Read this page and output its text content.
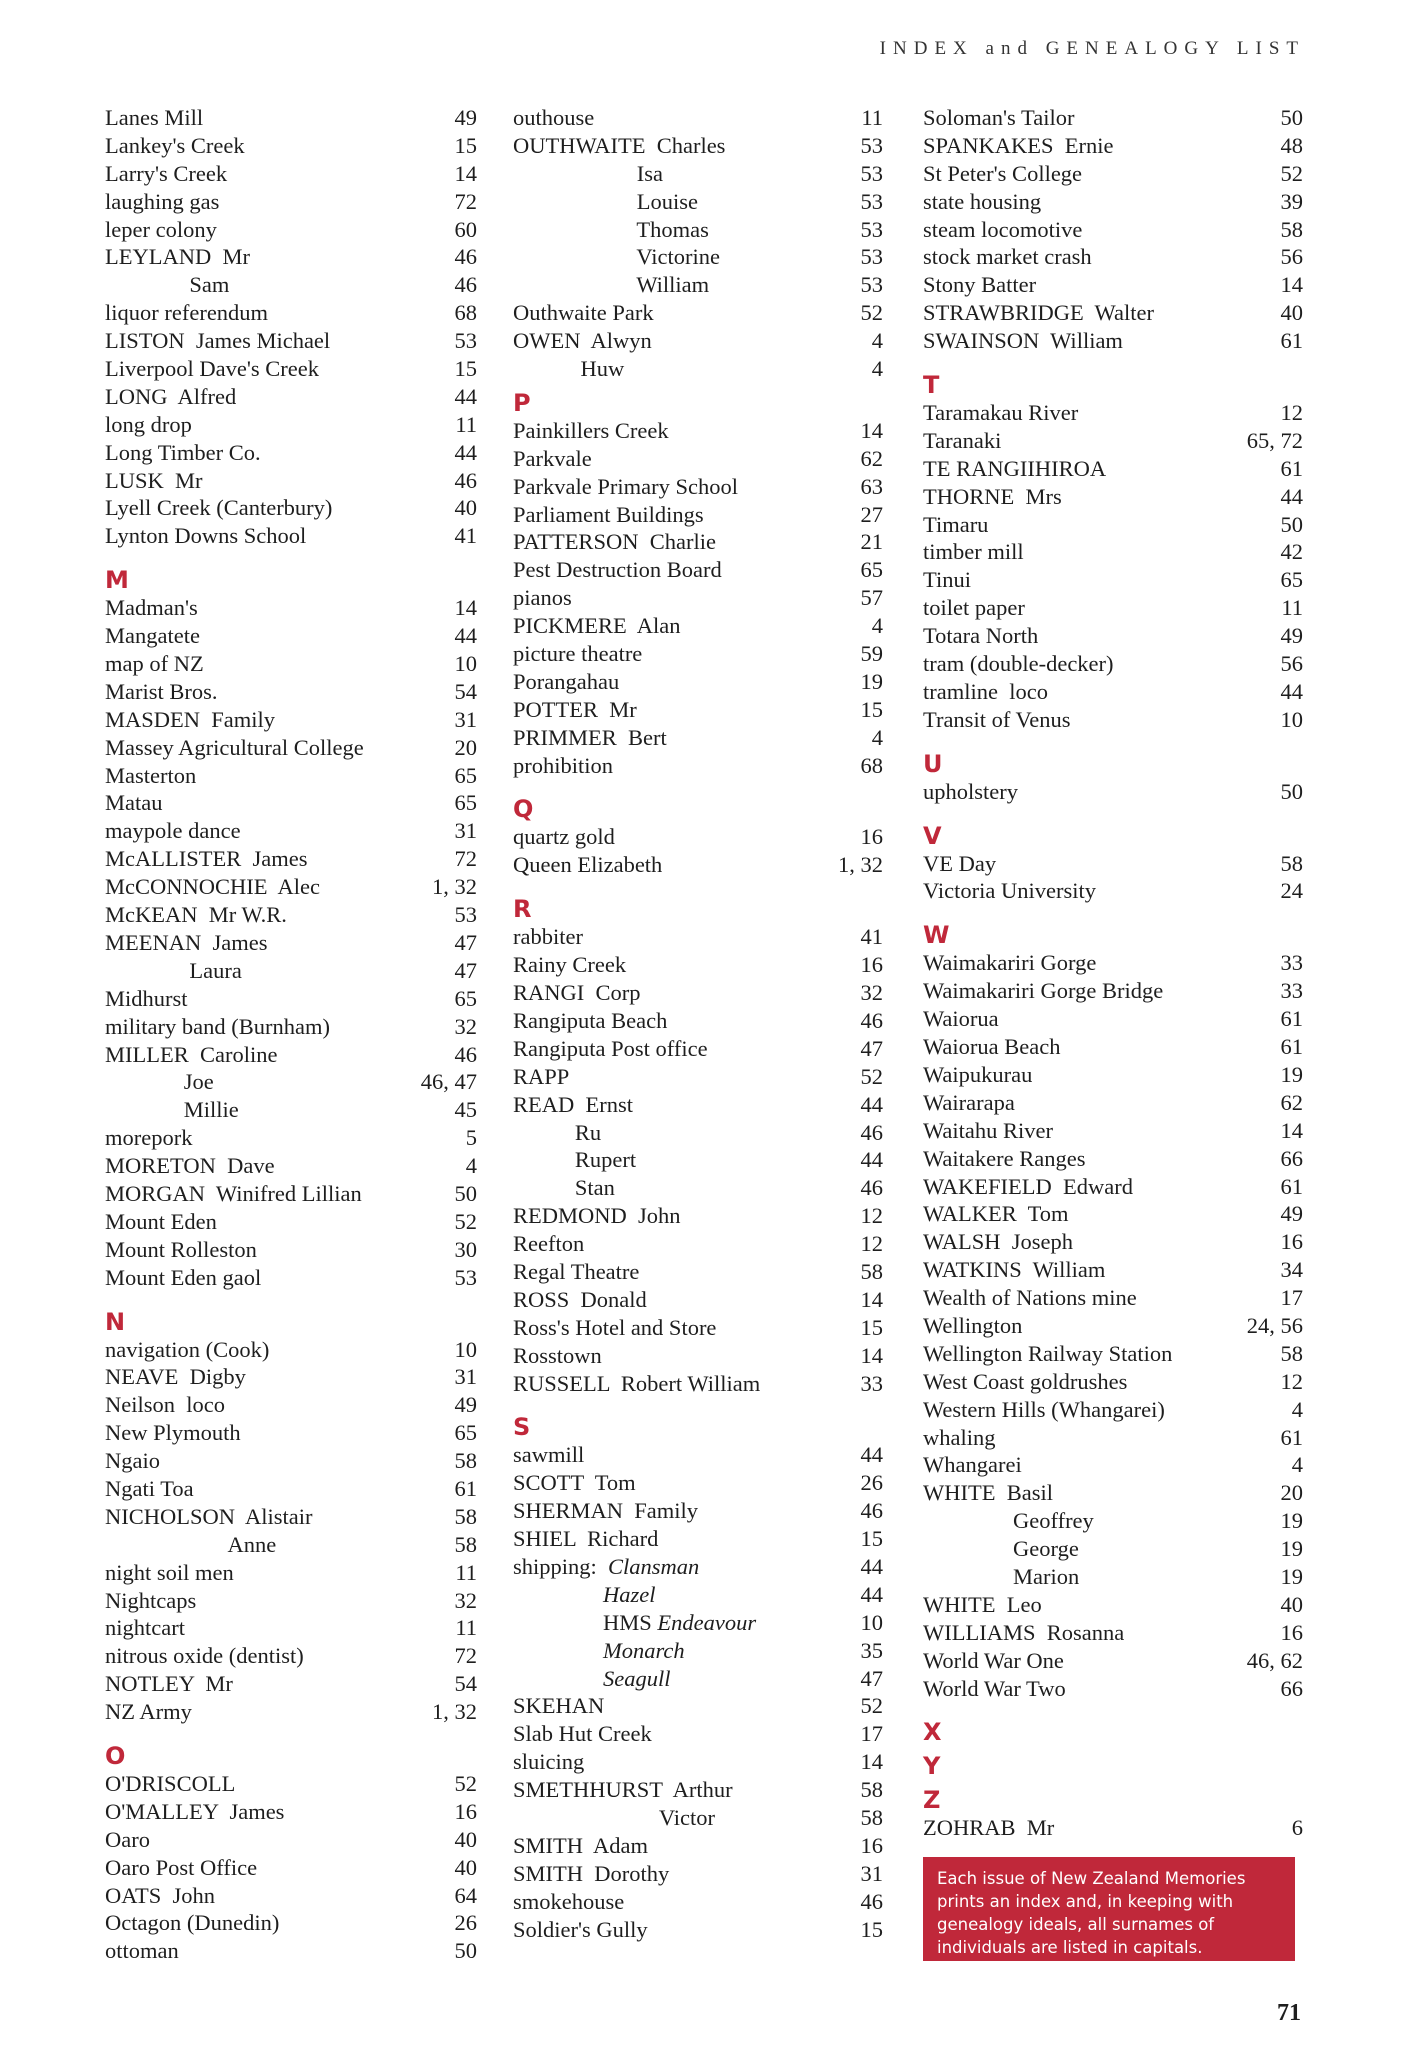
INDEX and GENEALOGY LIST
Lanes Mill	49
Lankey's Creek	15
Larry's Creek	14
laughing gas	72
leper colony	60
LEYLAND  Mr	46
Sam	46
liquor referendum	68
LISTON  James Michael	53
Liverpool Dave's Creek	15
LONG  Alfred	44
long drop	11
Long Timber Co.	44
LUSK  Mr	46
Lyell Creek (Canterbury)	40
Lynton Downs School	41
M
Madman's	14
Mangatete	44
map of NZ	10
Marist Bros.	54
MASDEN  Family	31
Massey Agricultural College	20
Masterton	65
Matau	65
maypole dance	31
McALLISTER  James	72
McCONNOCHIE  Alec	1, 32
McKEAN  Mr W.R.	53
MEENAN  James	47
Laura	47
Midhurst	65
military band (Burnham)	32
MILLER  Caroline	46
Joe	46, 47
Millie	45
morepork	5
MORETON  Dave	4
MORGAN  Winifred Lillian	50
Mount Eden	52
Mount Rolleston	30
Mount Eden gaol	53
N
navigation (Cook)	10
NEAVE  Digby	31
Neilson  loco	49
New Plymouth	65
Ngaio	58
Ngati Toa	61
NICHOLSON  Alistair	58
Anne	58
night soil men	11
Nightcaps	32
nightcart	11
nitrous oxide (dentist)	72
NOTLEY  Mr	54
NZ Army	1, 32
O
O'DRISCOLL	52
O'MALLEY  James	16
Oaro	40
Oaro Post Office	40
OATS  John	64
Octagon (Dunedin)	26
ottoman	50
outhouse	11
OUTHWAITE  Charles	53
Isa	53
Louise	53
Thomas	53
Victorine	53
William	53
Outhwaite Park	52
OWEN  Alwyn	4
Huw	4
P
Painkillers Creek	14
Parkvale	62
Parkvale Primary School	63
Parliament Buildings	27
PATTERSON  Charlie	21
Pest Destruction Board	65
pianos	57
PICKMERE  Alan	4
picture theatre	59
Porangahau	19
POTTER  Mr	15
PRIMMER  Bert	4
prohibition	68
Q
quartz gold	16
Queen Elizabeth	1, 32
R
rabbiter	41
Rainy Creek	16
RANGI  Corp	32
Rangiputa Beach	46
Rangiputa Post office	47
RAPP	52
READ  Ernst	44
Ru	46
Rupert	44
Stan	46
REDMOND  John	12
Reefton	12
Regal Theatre	58
ROSS  Donald	14
Ross's Hotel and Store	15
Rosstown	14
RUSSELL  Robert William	33
S
sawmill	44
SCOTT  Tom	26
SHERMAN  Family	46
SHIEL  Richard	15
shipping:  Clansman	44
Hazel	44
HMS Endeavour	10
Monarch	35
Seagull	47
SKEHAN	52
Slab Hut Creek	17
sluicing	14
SMETHHURST  Arthur	58
Victor	58
SMITH  Adam	16
SMITH  Dorothy	31
smokehouse	46
Soldier's Gully	15
Soloman's Tailor	50
SPANKAKES  Ernie	48
St Peter's College	52
state housing	39
steam locomotive	58
stock market crash	56
Stony Batter	14
STRAWBRIDGE  Walter	40
SWAINSON  William	61
T
Taramakau River	12
Taranaki	65, 72
TE RANGIIHIROA	61
THORNE  Mrs	44
Timaru	50
timber mill	42
Tinui	65
toilet paper	11
Totara North	49
tram (double-decker)	56
tramline  loco	44
Transit of Venus	10
U
upholstery	50
V
VE Day	58
Victoria University	24
W
Waimakariri Gorge	33
Waimakariri Gorge Bridge	33
Waiorua	61
Waiorua Beach	61
Waipukurau	19
Wairarapa	62
Waitahu River	14
Waitakere Ranges	66
WAKEFIELD  Edward	61
WALKER  Tom	49
WALSH  Joseph	16
WATKINS  William	34
Wealth of Nations mine	17
Wellington	24, 56
Wellington Railway Station	58
West Coast goldrushes	12
Western Hills (Whangarei)	4
whaling	61
Whangarei	4
WHITE  Basil	20
Geoffrey	19
George	19
Marion	19
WHITE  Leo	40
WILLIAMS  Rosanna	16
World War One	46, 62
World War Two	66
X
Y
Z
ZOHRAB  Mr	6
Each issue of New Zealand Memories prints an index and, in keeping with genealogy ideals, all surnames of individuals are listed in capitals.
71
